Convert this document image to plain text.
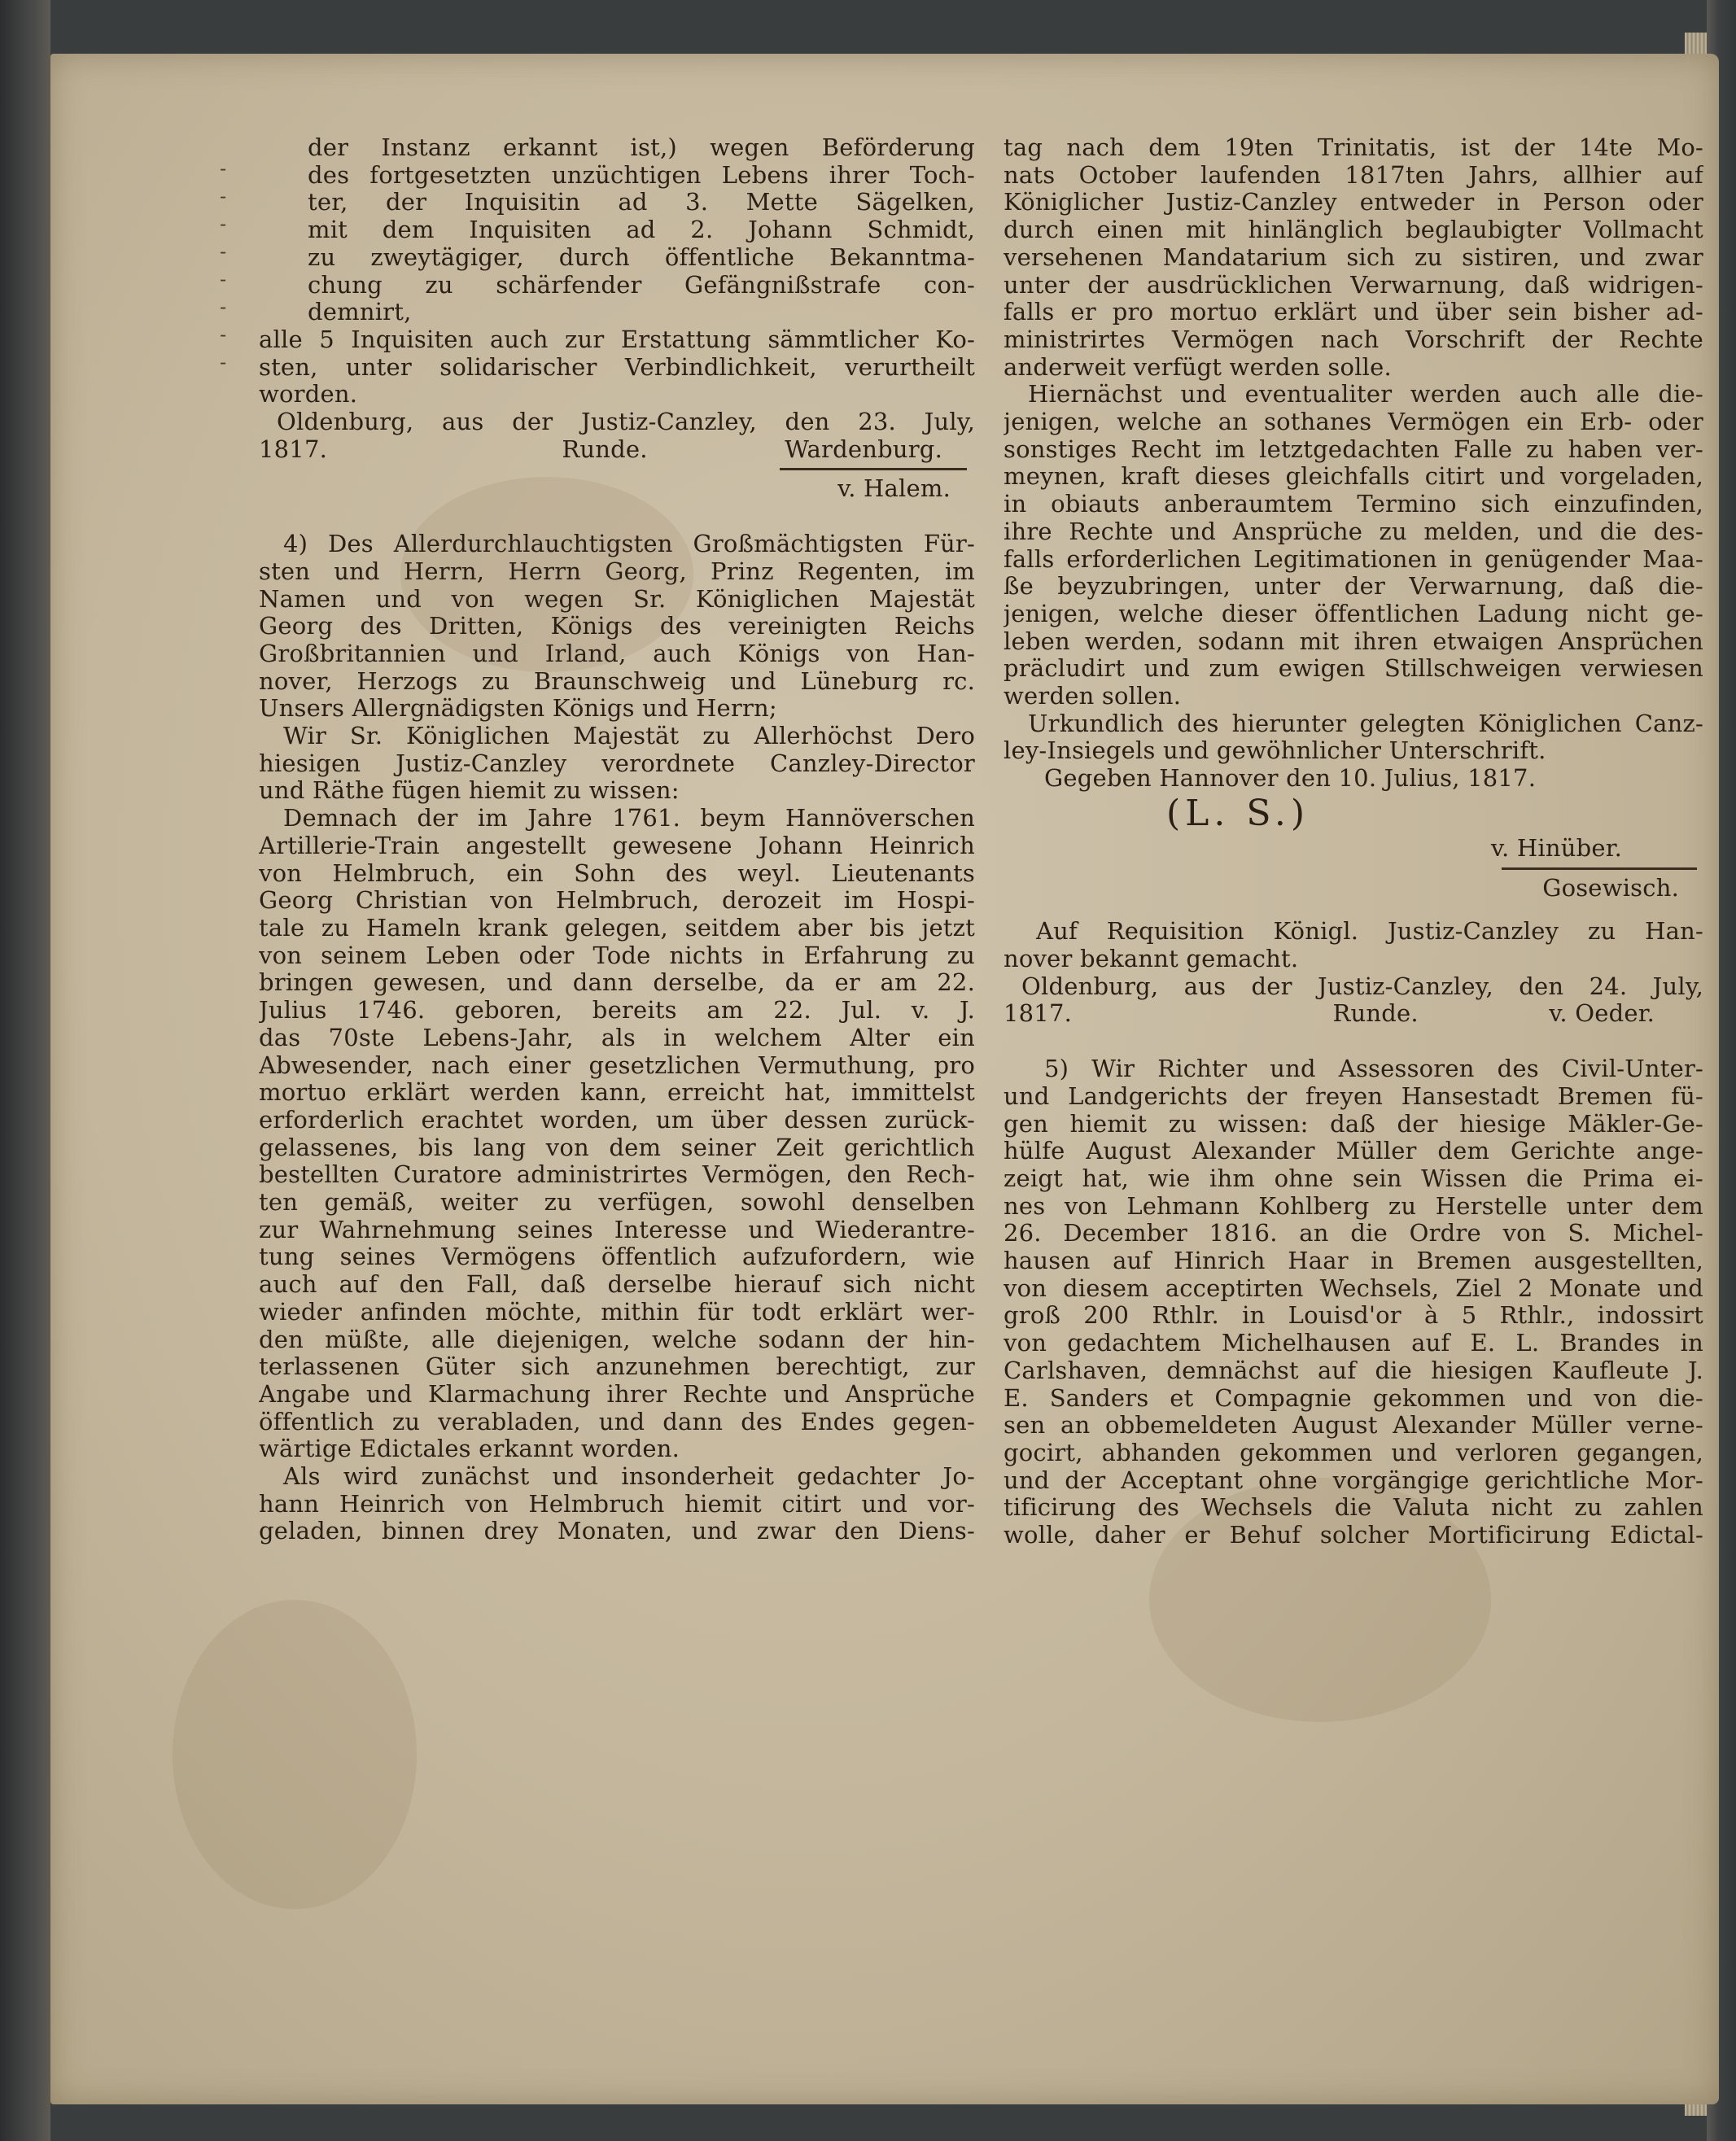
-
-
-
-
-
-
-
-
der Instanz erkannt ist,) wegen Beförderung
des fortgesetzten unzüchtigen Lebens ihrer Toch-
ter, der Inquisitin ad 3. Mette Sägelken,
mit dem Inquisiten ad 2. Johann Schmidt,
zu zweytägiger, durch öffentliche Bekanntma-
chung zu schärfender Gefängnißstrafe con-
demnirt,
alle 5 Inquisiten auch zur Erstattung sämmtlicher Ko-
sten, unter solidarischer Verbindlichkeit, verurtheilt
worden.
Oldenburg, aus der Justiz-Canzley, den 23. July,
1817.	Runde.	Wardenburg.
v. Halem.
4) Des Allerdurchlauchtigsten Großmächtigsten Für-
sten und Herrn, Herrn Georg, Prinz Regenten, im
Namen und von wegen Sr. Königlichen Majestät
Georg des Dritten, Königs des vereinigten Reichs
Großbritannien und Irland, auch Königs von Han-
nover, Herzogs zu Braunschweig und Lüneburg rc.
Unsers Allergnädigsten Königs und Herrn;
Wir Sr. Königlichen Majestät zu Allerhöchst Dero
hiesigen Justiz-Canzley verordnete Canzley-Director
und Räthe fügen hiemit zu wissen:
Demnach der im Jahre 1761. beym Hannöverschen
Artillerie-Train angestellt gewesene Johann Heinrich
von Helmbruch, ein Sohn des weyl. Lieutenants
Georg Christian von Helmbruch, derozeit im Hospi-
tale zu Hameln krank gelegen, seitdem aber bis jetzt
von seinem Leben oder Tode nichts in Erfahrung zu
bringen gewesen, und dann derselbe, da er am 22.
Julius 1746. geboren, bereits am 22. Jul. v. J.
das 70ste Lebens-Jahr, als in welchem Alter ein
Abwesender, nach einer gesetzlichen Vermuthung, pro
mortuo erklärt werden kann, erreicht hat, immittelst
erforderlich erachtet worden, um über dessen zurück-
gelassenes, bis lang von dem seiner Zeit gerichtlich
bestellten Curatore administrirtes Vermögen, den Rech-
ten gemäß, weiter zu verfügen, sowohl denselben
zur Wahrnehmung seines Interesse und Wiederantre-
tung seines Vermögens öffentlich aufzufordern, wie
auch auf den Fall, daß derselbe hierauf sich nicht
wieder anfinden möchte, mithin für todt erklärt wer-
den müßte, alle diejenigen, welche sodann der hin-
terlassenen Güter sich anzunehmen berechtigt, zur
Angabe und Klarmachung ihrer Rechte und Ansprüche
öffentlich zu verabladen, und dann des Endes gegen-
wärtige Edictales erkannt worden.
Als wird zunächst und insonderheit gedachter Jo-
hann Heinrich von Helmbruch hiemit citirt und vor-
geladen, binnen drey Monaten, und zwar den Diens-
tag nach dem 19ten Trinitatis, ist der 14te Mo-
nats October laufenden 1817ten Jahrs, allhier auf
Königlicher Justiz-Canzley entweder in Person oder
durch einen mit hinlänglich beglaubigter Vollmacht
versehenen Mandatarium sich zu sistiren, und zwar
unter der ausdrücklichen Verwarnung, daß widrigen-
falls er pro mortuo erklärt und über sein bisher ad-
ministrirtes Vermögen nach Vorschrift der Rechte
anderweit verfügt werden solle.
Hiernächst und eventualiter werden auch alle die-
jenigen, welche an sothanes Vermögen ein Erb- oder
sonstiges Recht im letztgedachten Falle zu haben ver-
meynen, kraft dieses gleichfalls citirt und vorgeladen,
in obiauts anberaumtem Termino sich einzufinden,
ihre Rechte und Ansprüche zu melden, und die des-
falls erforderlichen Legitimationen in genügender Maa-
ße beyzubringen, unter der Verwarnung, daß die-
jenigen, welche dieser öffentlichen Ladung nicht ge-
leben werden, sodann mit ihren etwaigen Ansprüchen
präcludirt und zum ewigen Stillschweigen verwiesen
werden sollen.
Urkundlich des hierunter gelegten Königlichen Canz-
ley-Insiegels und gewöhnlicher Unterschrift.
Gegeben Hannover den 10. Julius, 1817.
(L. S.)
v. Hinüber.
Gosewisch.
Auf Requisition Königl. Justiz-Canzley zu Han-
nover bekannt gemacht.
Oldenburg, aus der Justiz-Canzley, den 24. July,
1817.	Runde.	v. Oeder.
5) Wir Richter und Assessoren des Civil-Unter-
und Landgerichts der freyen Hansestadt Bremen fü-
gen hiemit zu wissen: daß der hiesige Mäkler-Ge-
hülfe August Alexander Müller dem Gerichte ange-
zeigt hat, wie ihm ohne sein Wissen die Prima ei-
nes von Lehmann Kohlberg zu Herstelle unter dem
26. December 1816. an die Ordre von S. Michel-
hausen auf Hinrich Haar in Bremen ausgestellten,
von diesem acceptirten Wechsels, Ziel 2 Monate und
groß 200 Rthlr. in Louisd'or à 5 Rthlr., indossirt
von gedachtem Michelhausen auf E. L. Brandes in
Carlshaven, demnächst auf die hiesigen Kaufleute J.
E. Sanders et Compagnie gekommen und von die-
sen an obbemeldeten August Alexander Müller verne-
gocirt, abhanden gekommen und verloren gegangen,
und der Acceptant ohne vorgängige gerichtliche Mor-
tificirung des Wechsels die Valuta nicht zu zahlen
wolle, daher er Behuf solcher Mortificirung Edictal-
